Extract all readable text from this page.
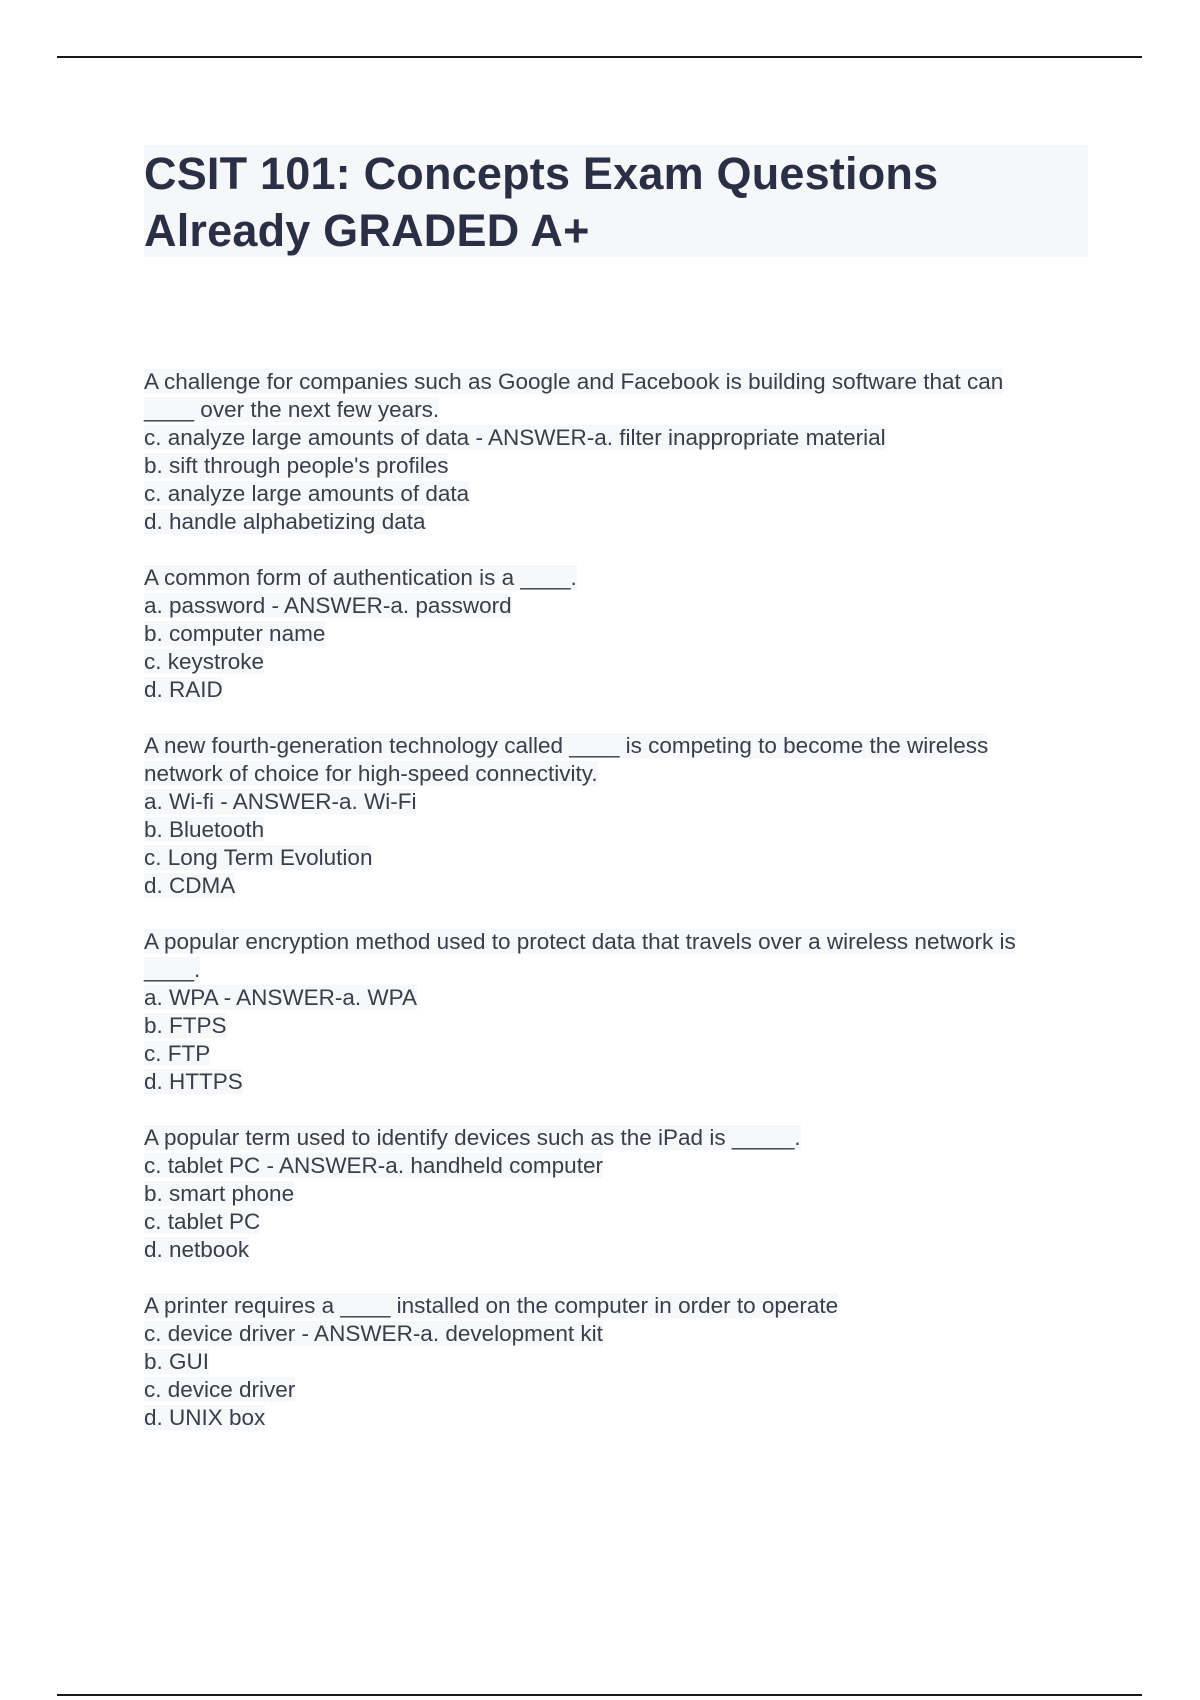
CSIT 101: Concepts Exam Questions
Already GRADED A+
A challenge for companies such as Google and Facebook is building software that can
____ over the next few years.
c. analyze large amounts of data - ANSWER-a. filter inappropriate material
b. sift through people's profiles
c. analyze large amounts of data
d. handle alphabetizing data
A common form of authentication is a ____.
a. password - ANSWER-a. password
b. computer name
c. keystroke
d. RAID
A new fourth-generation technology called ____ is competing to become the wireless
network of choice for high-speed connectivity.
a. Wi-fi - ANSWER-a. Wi-Fi
b. Bluetooth
c. Long Term Evolution
d. CDMA
A popular encryption method used to protect data that travels over a wireless network is
____.
a. WPA - ANSWER-a. WPA
b. FTPS
c. FTP
d. HTTPS
A popular term used to identify devices such as the iPad is _____.
c. tablet PC - ANSWER-a. handheld computer
b. smart phone
c. tablet PC
d. netbook
A printer requires a ____ installed on the computer in order to operate
c. device driver - ANSWER-a. development kit
b. GUI
c. device driver
d. UNIX box
